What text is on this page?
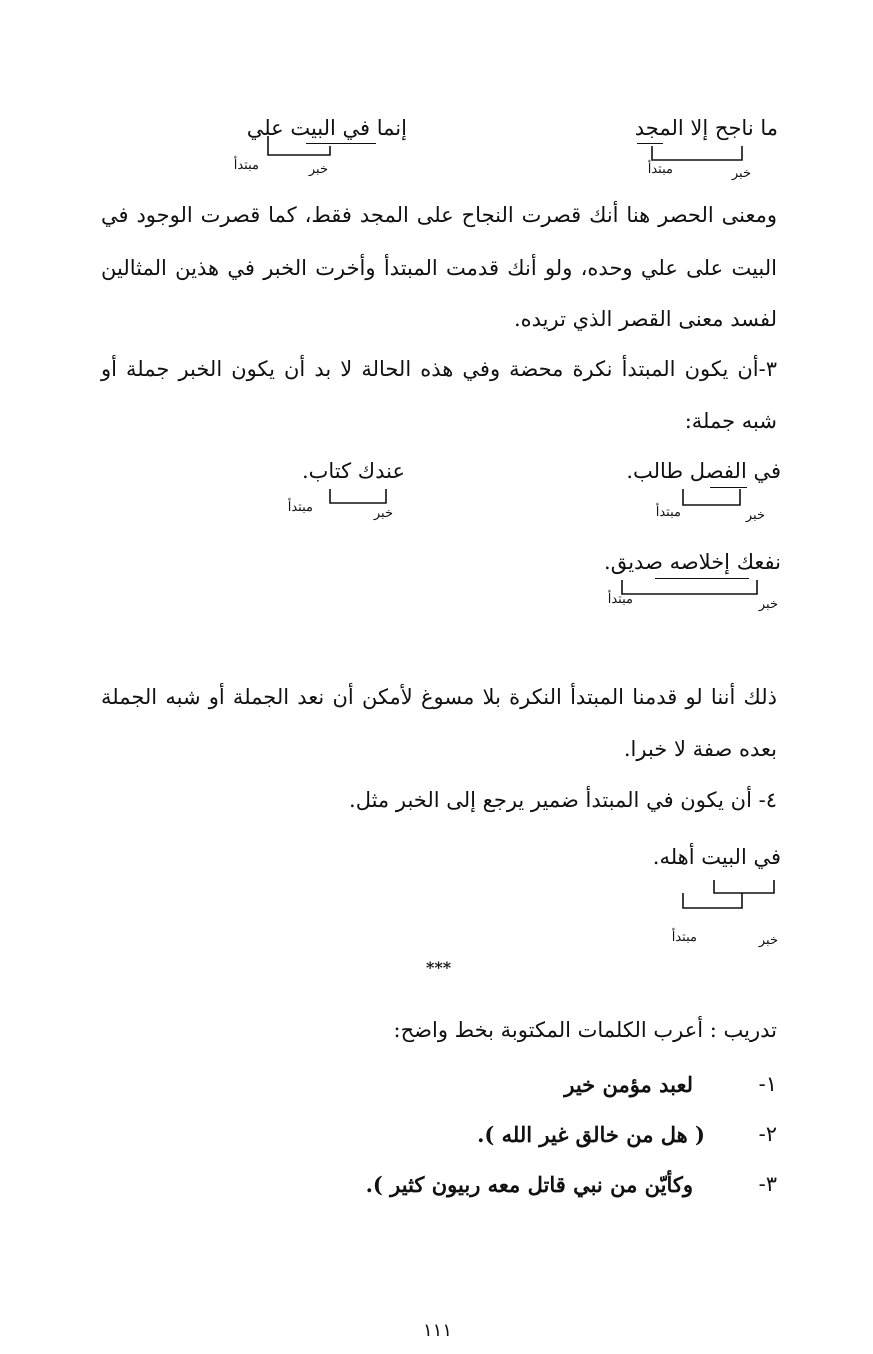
ما ناجح إلا المجد
خبر
مبتدأ
إنما في البيت علي
خبر
مبتدأ
ومعنى الحصر هنا أنك قصرت النجاح على المجد فقط، كما قصرت الوجود في
البيت على علي وحده، ولو أنك قدمت المبتدأ وأخرت الخبر في هذين المثالين
لفسد معنى القصر الذي تريده.
٣-أن يكون المبتدأ نكرة محضة وفي هذه الحالة لا بد أن يكون الخبر جملة أو
شبه جملة:
في الفصل طالب.
خبر
مبتدأ
عندك كتاب.
خبر
مبتدأ
نفعك إخلاصه صديق.
خبر
مبتدأ
ذلك أننا لو قدمنا المبتدأ النكرة بلا مسوغ لأمكن أن نعد الجملة أو شبه الجملة
بعده صفة لا خبرا.
٤- أن يكون في المبتدأ ضمير يرجع إلى الخبر مثل.
في البيت أهله.
خبر
مبتدأ
***
تدريب : أعرب الكلمات المكتوبة بخط واضح:
١-
لعبد مؤمن خير
٢-
( هل من خالق غير الله ).
٣-
وكأيّن من نبي قاتل معه ربيون كثير ).
١١١
